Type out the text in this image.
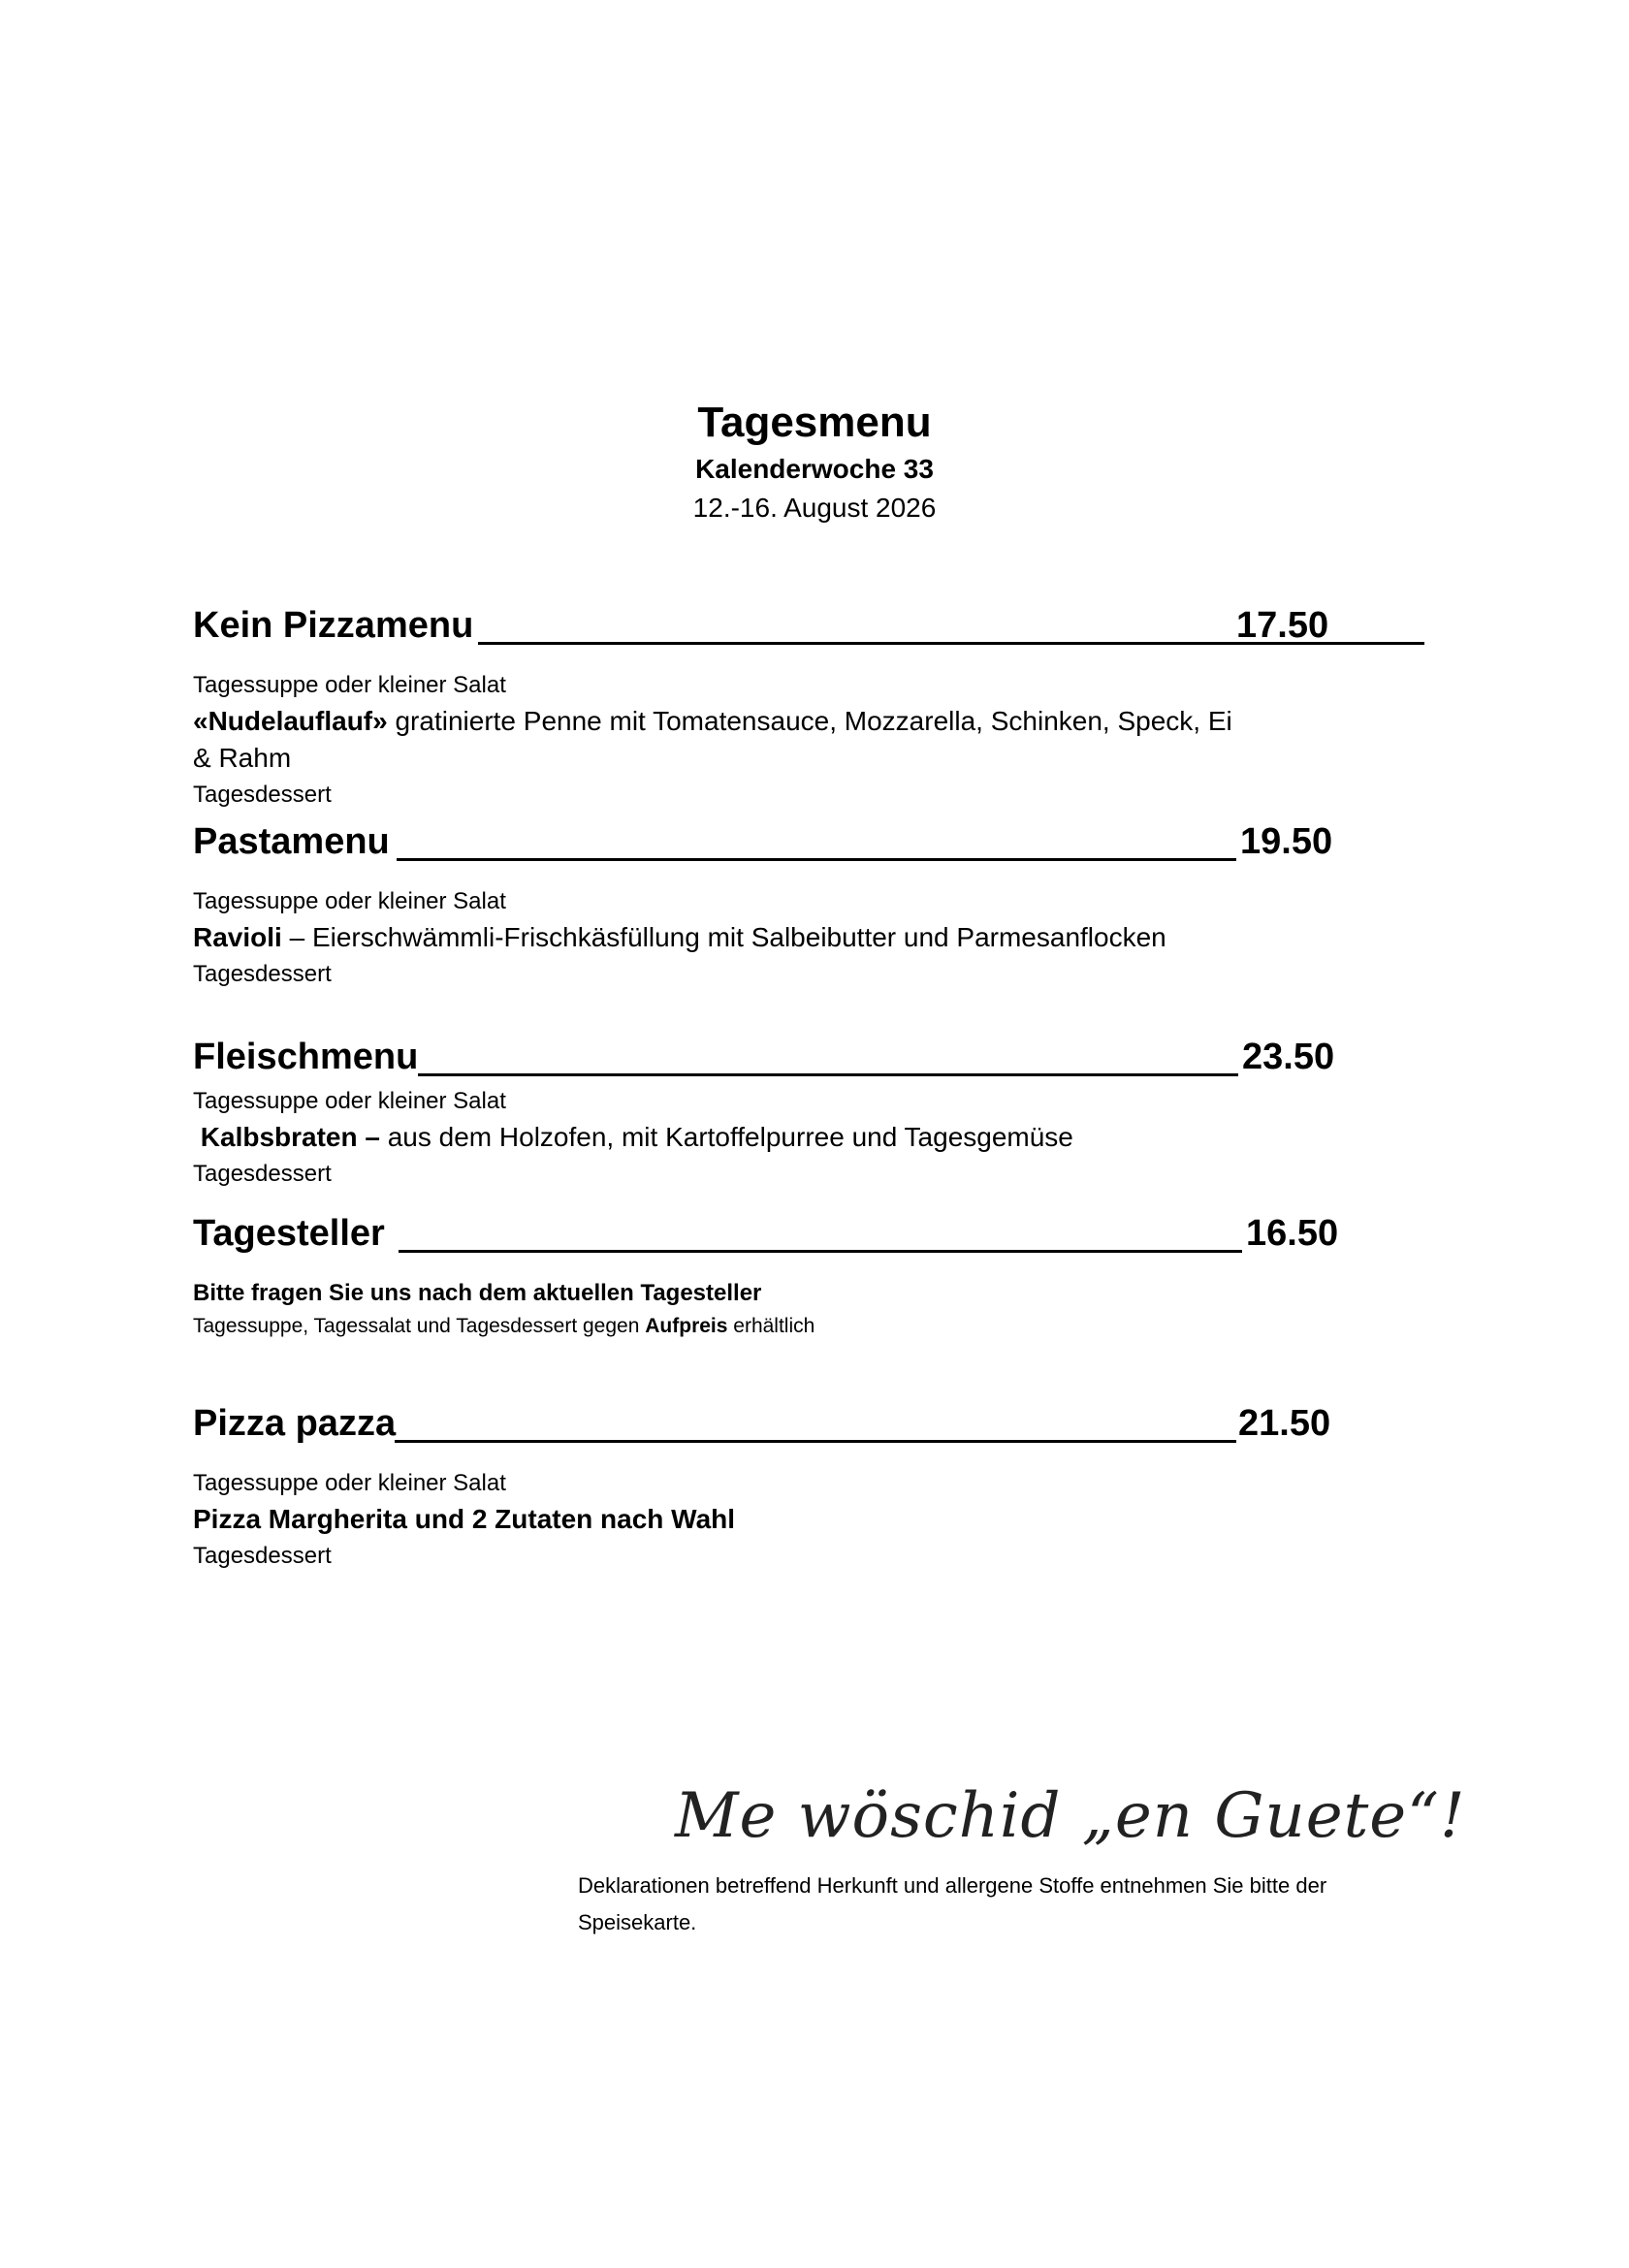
Tagesmenu
Kalenderwoche 33
12.-16. August 2026
Kein Pizzamenu	17.50
Tagessuppe oder kleiner Salat
«Nudelauflauf» gratinierte Penne mit Tomatensauce, Mozzarella, Schinken, Speck, Ei
& Rahm
Tagesdessert
Pastamenu	19.50
Tagessuppe oder kleiner Salat
Ravioli – Eierschwämmli-Frischkäsfüllung mit Salbeibutter und Parmesanflocken
Tagesdessert
Fleischmenu	23.50
Tagessuppe oder kleiner Salat
Kalbsbraten – aus dem Holzofen, mit Kartoffelpurree und Tagesgemüse
Tagesdessert
Tagesteller	16.50
Bitte fragen Sie uns nach dem aktuellen Tagesteller
Tagessuppe, Tagessalat und Tagesdessert gegen Aufpreis erhältlich
Pizza pazza	21.50
Tagessuppe oder kleiner Salat
Pizza Margherita und 2 Zutaten nach Wahl
Tagesdessert
Me wöschid „en Guete“!
Deklarationen betreffend Herkunft und allergene Stoffe entnehmen Sie bitte der
Speisekarte.
